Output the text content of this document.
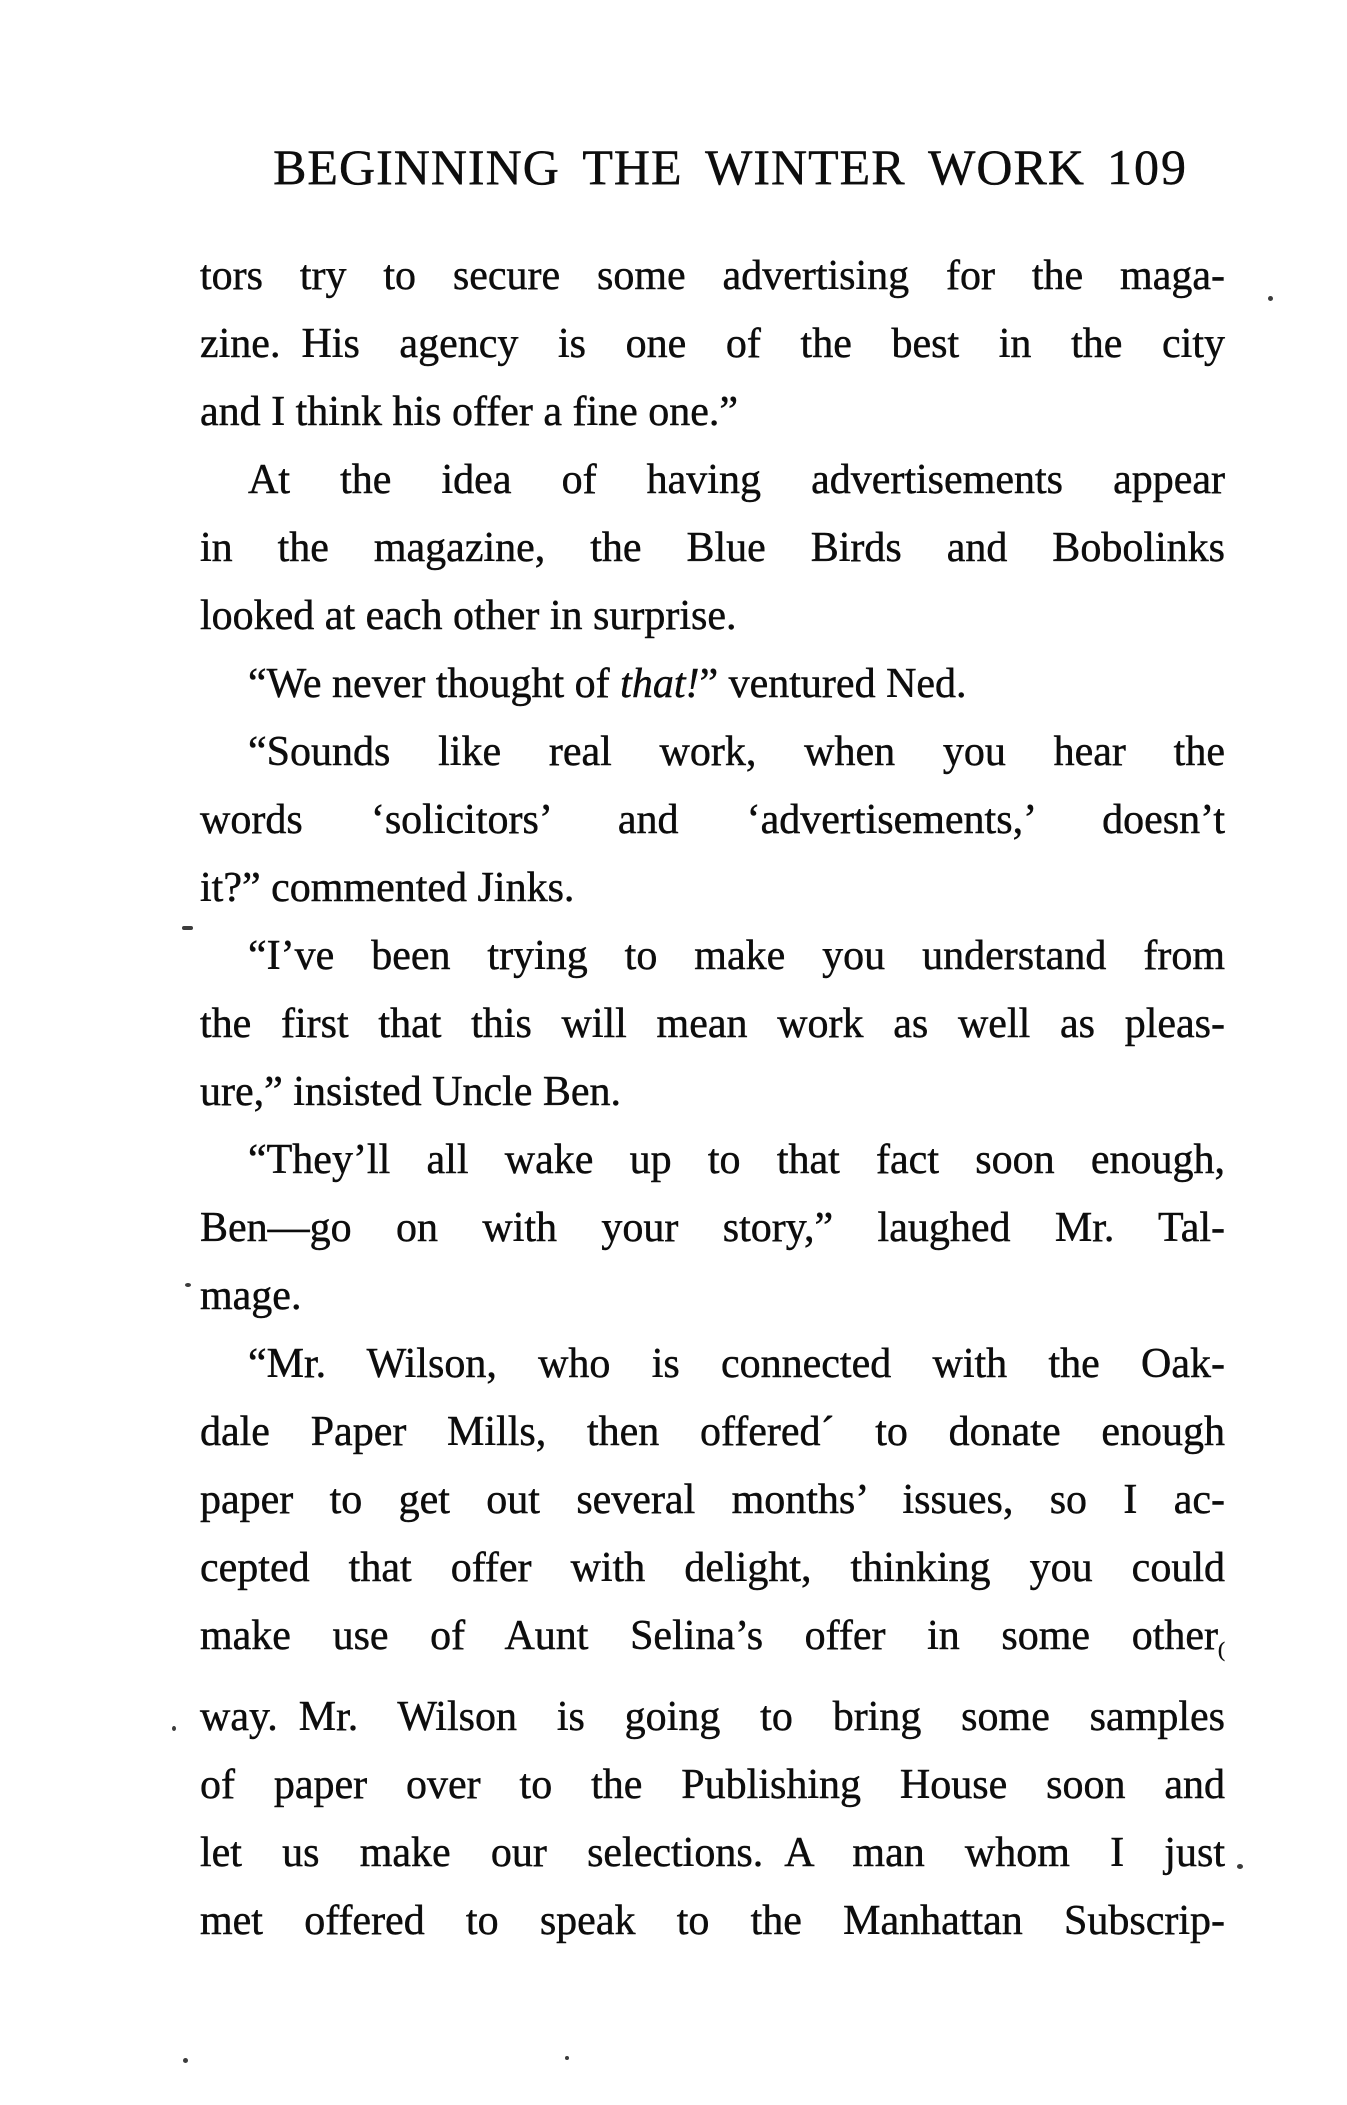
BEGINNING THE WINTER WORK 109
tors try to secure some advertising for the maga-
zine. His agency is one of the best in the city
and I think his offer a fine one.”
At the idea of having advertisements appear
in the magazine, the Blue Birds and Bobolinks
looked at each other in surprise.
“We never thought of that!” ventured Ned.
“Sounds like real work, when you hear the
words ‘solicitors’ and ‘advertisements,’ doesn’t
it?” commented Jinks.
“I’ve been trying to make you understand from
the first that this will mean work as well as pleas-
ure,” insisted Uncle Ben.
“They’ll all wake up to that fact soon enough,
Ben—go on with your story,” laughed Mr. Tal-
mage.
“Mr. Wilson, who is connected with the Oak-
dale Paper Mills, then offered´ to donate enough
paper to get out several months’ issues, so I ac-
cepted that offer with delight, thinking you could
make use of Aunt Selina’s offer in some other(
way. Mr. Wilson is going to bring some samples
of paper over to the Publishing House soon and
let us make our selections. A man whom I just
met offered to speak to the Manhattan Subscrip-
